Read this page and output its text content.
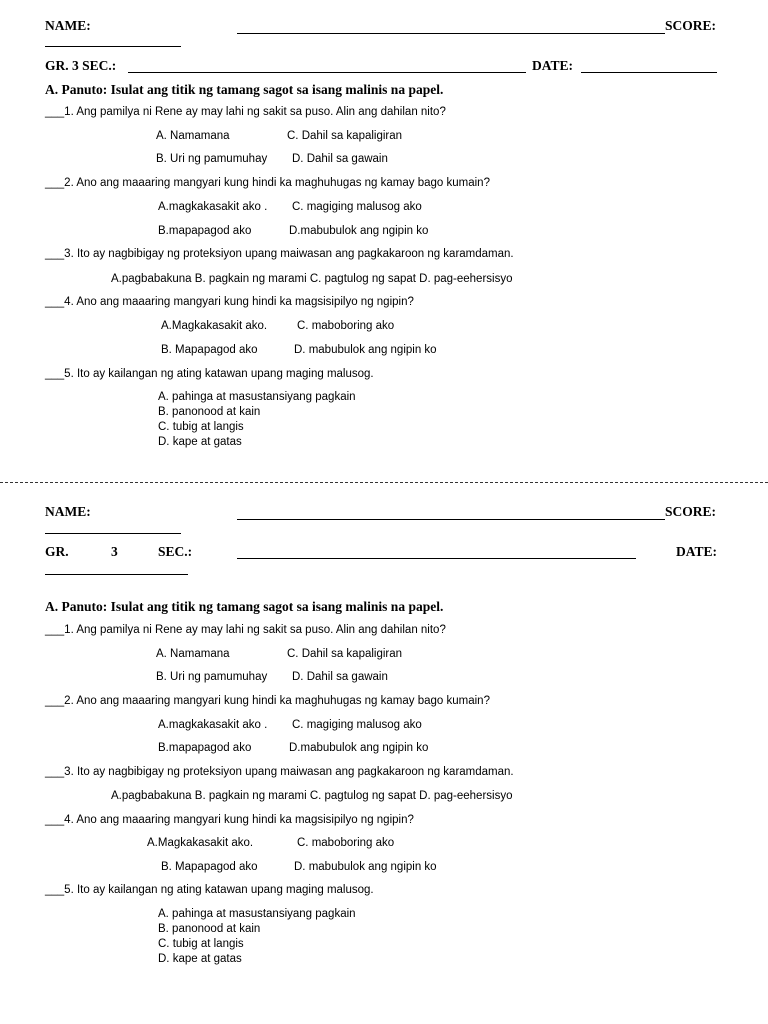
NAME:	SCORE:
GR. 3 SEC.:	DATE:
A. Panuto: Isulat ang titik ng tamang sagot sa isang malinis na papel.
___1. Ang pamilya ni Rene ay may lahi ng sakit sa puso. Alin ang dahilan nito?
A. Namamana	C. Dahil sa kapaligiran
B. Uri ng pamumuhay D. Dahil sa gawain
___2. Ano ang maaaring mangyari kung hindi ka maghuhugas ng kamay bago kumain?
A.magkakasakit ako . C. magiging malusog ako
B.mapapagod ako	D.mabubulok ang ngipin ko
___3. Ito ay nagbibigay ng proteksiyon upang maiwasan ang pagkakaroon ng karamdaman.
A.pagbabakuna B. pagkain ng marami C. pagtulog ng sapat D. pag-eehersisyo
___4. Ano ang maaaring mangyari kung hindi ka magsisipilyo ng ngipin?
A.Magkakasakit ako.	C. maboboring ako
B. Mapapagod ako	D. mabubulok ang ngipin ko
___5. Ito ay kailangan ng ating katawan upang maging malusog.
A. pahinga at masustansiyang pagkain
B. panonood at kain
C. tubig at langis
D. kape at gatas
NAME:	SCORE:
GR.	3	SEC.:	DATE:
A. Panuto: Isulat ang titik ng tamang sagot sa isang malinis na papel.
___1. Ang pamilya ni Rene ay may lahi ng sakit sa puso. Alin ang dahilan nito?
A. Namamana	C. Dahil sa kapaligiran
B. Uri ng pamumuhay D. Dahil sa gawain
___2. Ano ang maaaring mangyari kung hindi ka maghuhugas ng kamay bago kumain?
A.magkakasakit ako . C. magiging malusog ako
B.mapapagod ako	D.mabubulok ang ngipin ko
___3. Ito ay nagbibigay ng proteksiyon upang maiwasan ang pagkakaroon ng karamdaman.
A.pagbabakuna B. pagkain ng marami C. pagtulog ng sapat D. pag-eehersisyo
___4. Ano ang maaaring mangyari kung hindi ka magsisipilyo ng ngipin?
A.Magkakasakit ako.	C. maboboring ako
B. Mapapagod ako	D. mabubulok ang ngipin ko
___5. Ito ay kailangan ng ating katawan upang maging malusog.
A. pahinga at masustansiyang pagkain
B. panonood at kain
C. tubig at langis
D. kape at gatas
